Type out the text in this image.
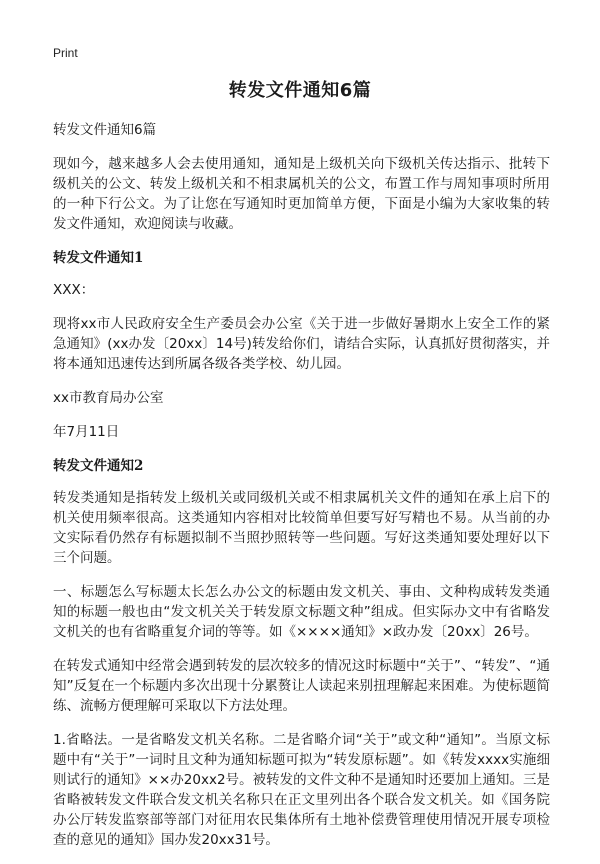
Print
转发文件通知6篇

转发文件通知6篇

现如今，越来越多人会去使用通知，通知是上级机关向下级机关传达指示、批转下级机关的公文、转发上级机关和不相隶属机关的公文，布置工作与周知事项时所用的一种下行公文。为了让您在写通知时更加简单方便，下面是小编为大家收集的转发文件通知，欢迎阅读与收藏。

转发文件通知1

XXX：

现将xx市人民政府安全生产委员会办公室《关于进一步做好暑期水上安全工作的紧急通知》(xx办发〔20xx〕14号)转发给你们，请结合实际，认真抓好贯彻落实，并将本通知迅速传达到所属各级各类学校、幼儿园。

xx市教育局办公室

年7月11日

转发文件通知2

转发类通知是指转发上级机关或同级机关或不相隶属机关文件的通知在承上启下的机关使用频率很高。这类通知内容相对比较简单但要写好写精也不易。从当前的办文实际看仍然存有标题拟制不当照抄照转等一些问题。写好这类通知要处理好以下三个问题。

一、标题怎么写标题太长怎么办公文的标题由发文机关、事由、文种构成转发类通知的标题一般也由“发文机关关于转发原文标题文种”组成。但实际办文中有省略发文机关的也有省略重复介词的等等。如《××××通知》×政办发〔20xx〕26号。

在转发式通知中经常会遇到转发的层次较多的情况这时标题中“关于”、“转发”、“通知”反复在一个标题内多次出现十分累赘让人读起来别扭理解起来困难。为使标题简练、流畅方便理解可采取以下方法处理。

1.省略法。一是省略发文机关名称。二是省略介词“关于”或文种“通知”。当原文标题中有“关于”一词时且文种为通知标题可拟为“转发原标题”。如《转发xxxx实施细则试行的通知》××办20xx2号。被转发的文件文种不是通知时还要加上通知。三是省略被转发文件联合发文机关名称只在正文里列出各个联合发文机关。如《国务院办公厅转发监察部等部门对征用农民集体所有土地补偿费管理使用情况开展专项检查的意见的通知》国办发20xx31号。
